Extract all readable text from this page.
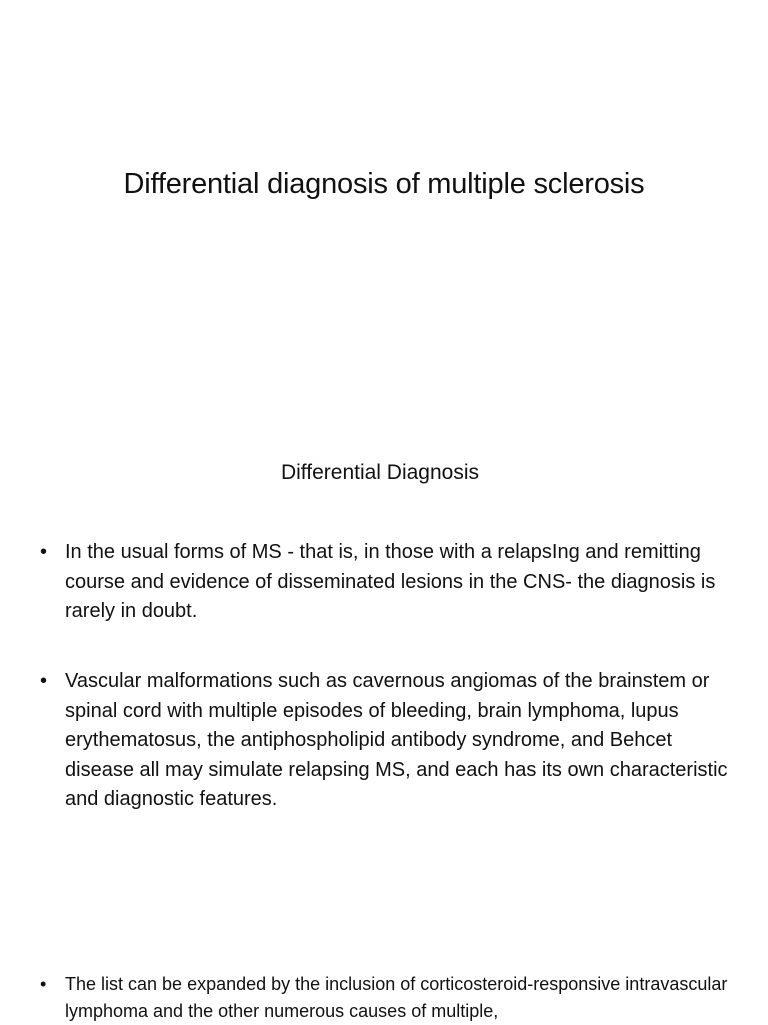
Differential diagnosis of multiple sclerosis
Differential Diagnosis

• In the usual forms of MS - that is, in those with a relapsIng and remitting course and evidence of disseminated lesions in the CNS- the diagnosis is rarely in doubt.

• Vascular malformations such as cavernous angiomas of the brainstem or spinal cord with multiple episodes of bleeding, brain lymphoma, lupus erythematosus, the antiphospholipid antibody syndrome, and Behcet disease all may simulate relapsing MS, and each has its own characteristic and diagnostic features.

•	The list can be expanded by the inclusion of corticosteroid-responsive intravascular lymphoma and the other numerous causes of multiple,
